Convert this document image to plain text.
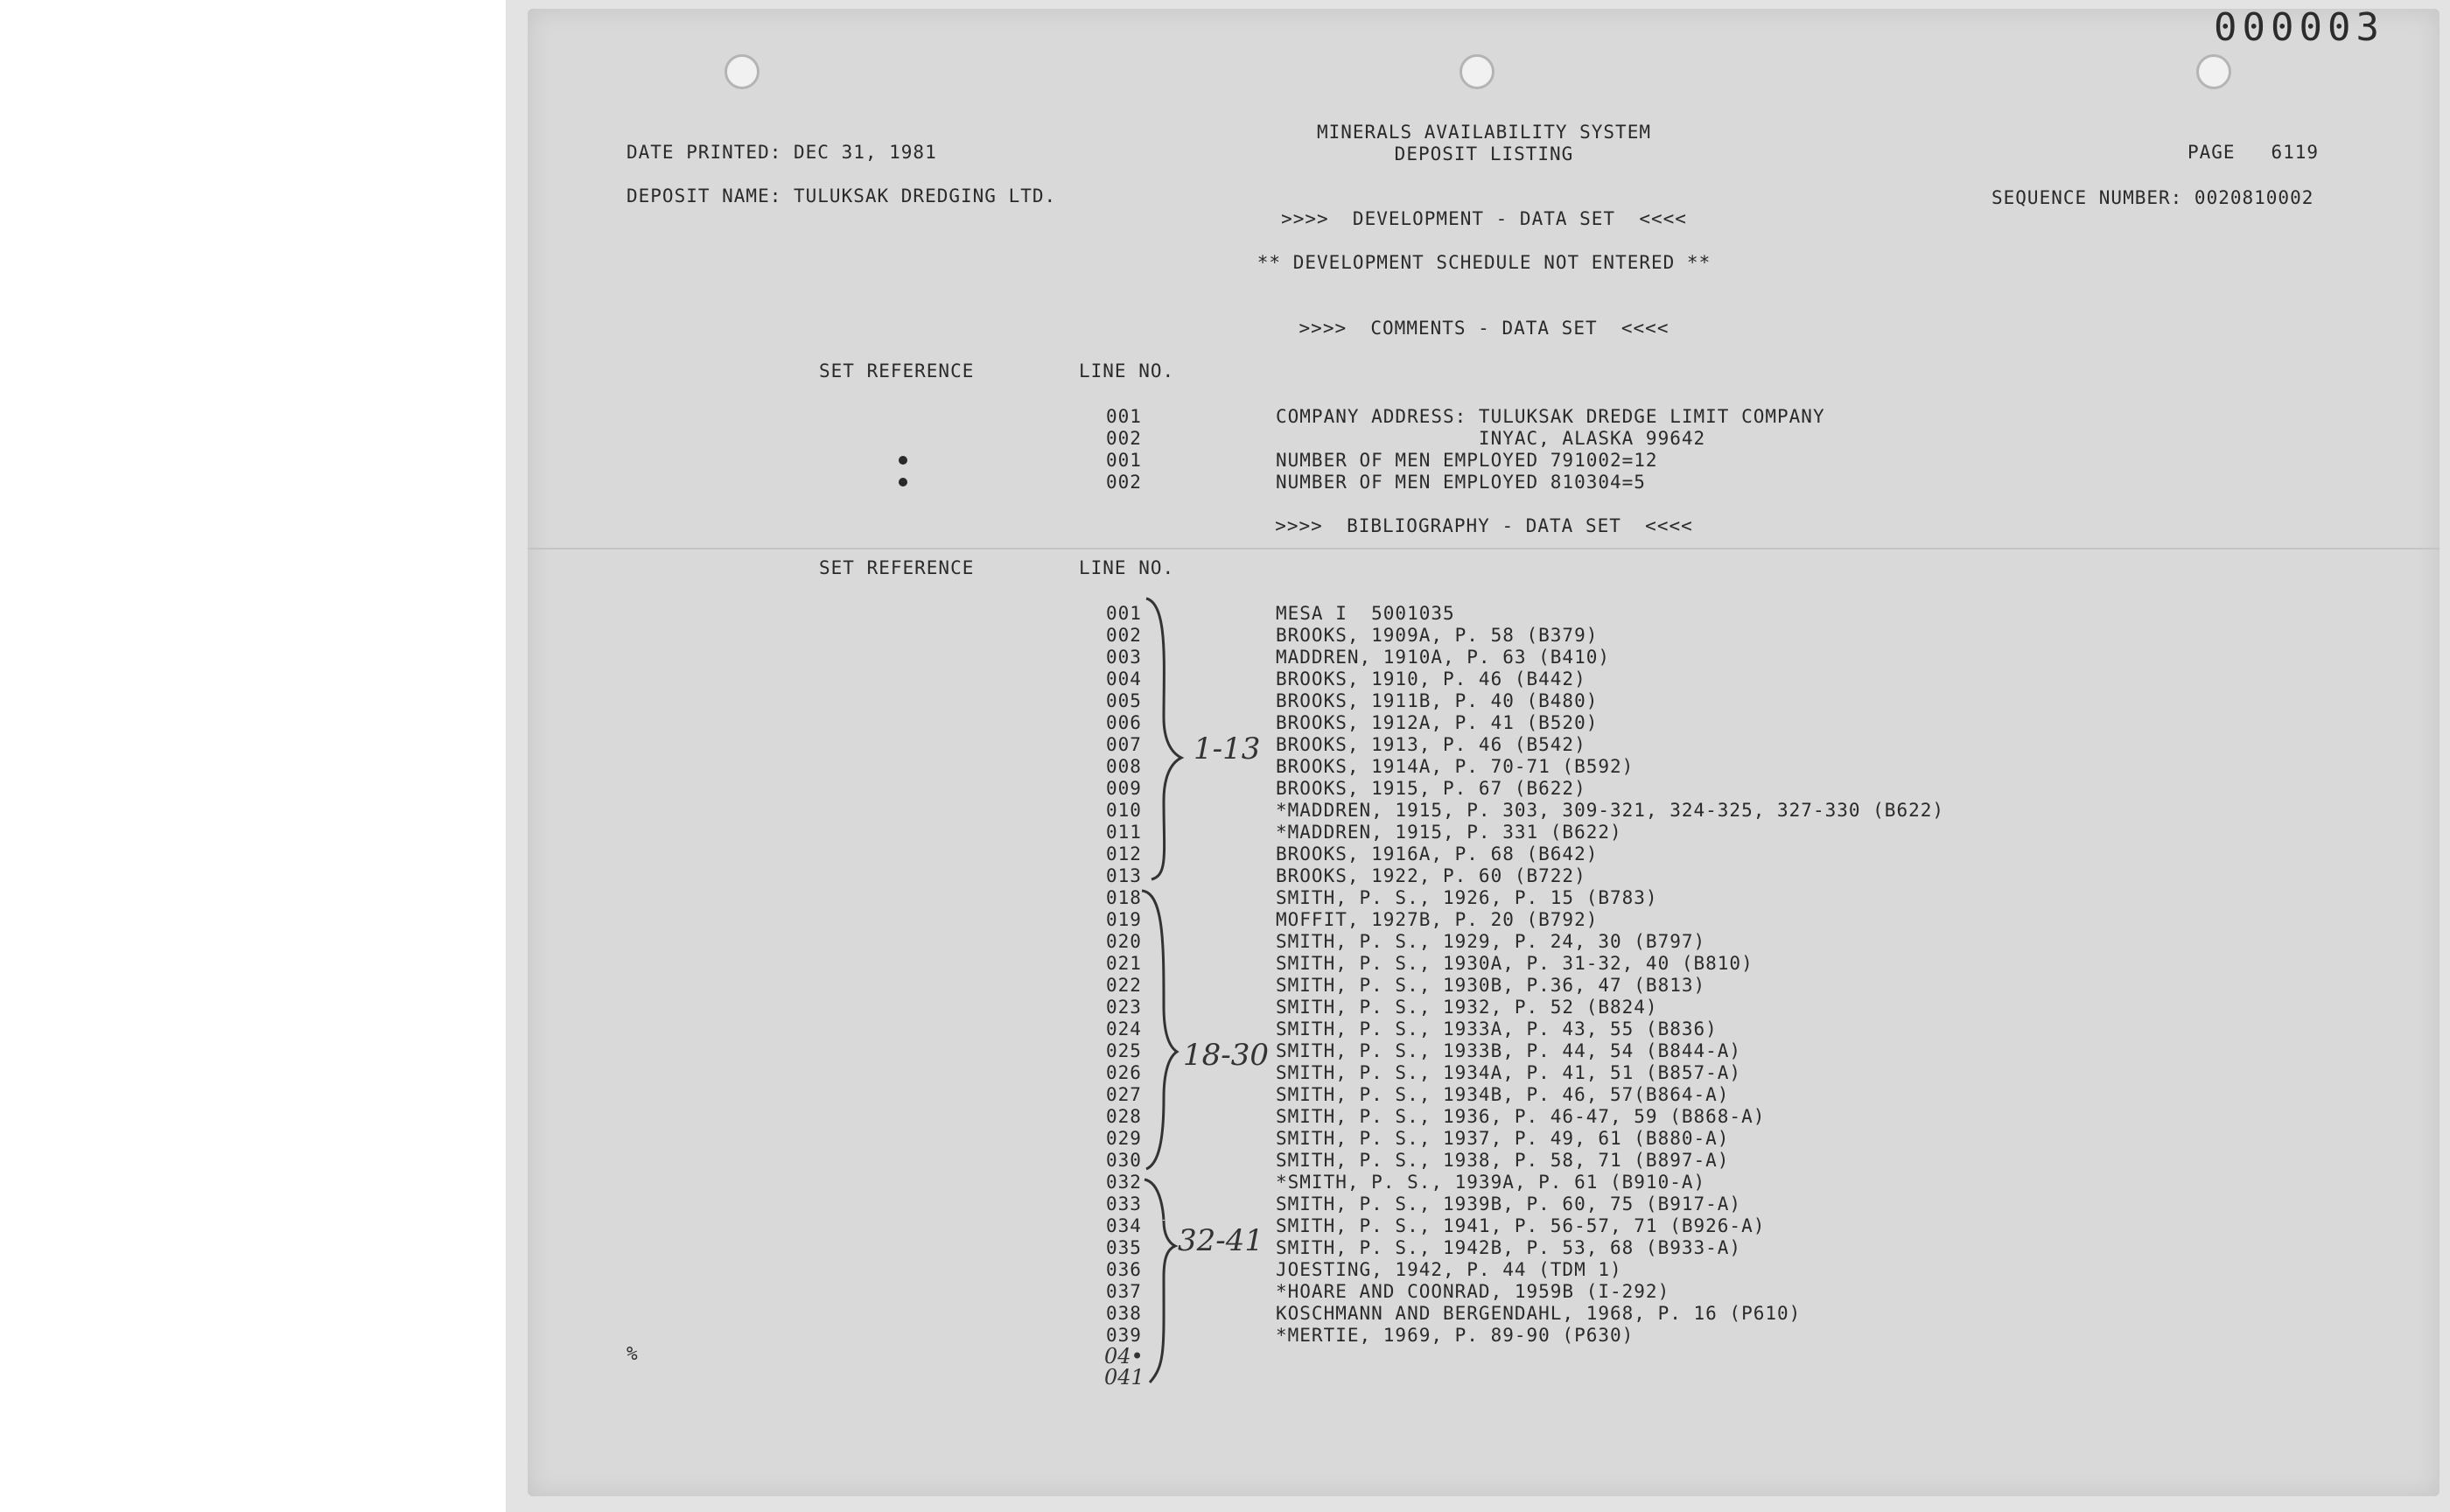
000003
MINERALS AVAILABILITY SYSTEM
DEPOSIT LISTING
DATE PRINTED: DEC 31, 1981	PAGE   6119
DEPOSIT NAME: TULUKSAK DREDGING LTD.	SEQUENCE NUMBER: 0020810002
>>>>  DEVELOPMENT - DATA SET  <<<<
** DEVELOPMENT SCHEDULE NOT ENTERED **
>>>>  COMMENTS - DATA SET  <<<<
SET REFERENCE	LINE NO.
001	COMPANY ADDRESS: TULUKSAK DREDGE LIMIT COMPANY
002	INYAC, ALASKA 99642
001	NUMBER OF MEN EMPLOYED 791002=12
002	NUMBER OF MEN EMPLOYED 810304=5
>>>>  BIBLIOGRAPHY - DATA SET  <<<<
SET REFERENCE	LINE NO.
001	MESA I  5001035
002	BROOKS, 1909A, P. 58 (B379)
003	MADDREN, 1910A, P. 63 (B410)
004	BROOKS, 1910, P. 46 (B442)
005	BROOKS, 1911B, P. 40 (B480)
006	BROOKS, 1912A, P. 41 (B520)
007	BROOKS, 1913, P. 46 (B542)
008	BROOKS, 1914A, P. 70-71 (B592)
009	BROOKS, 1915, P. 67 (B622)
010	*MADDREN, 1915, P. 303, 309-321, 324-325, 327-330 (B622)
011	*MADDREN, 1915, P. 331 (B622)
012	BROOKS, 1916A, P. 68 (B642)
013	BROOKS, 1922, P. 60 (B722)
018	SMITH, P. S., 1926, P. 15 (B783)
019	MOFFIT, 1927B, P. 20 (B792)
020	SMITH, P. S., 1929, P. 24, 30 (B797)
021	SMITH, P. S., 1930A, P. 31-32, 40 (B810)
022	SMITH, P. S., 1930B, P.36, 47 (B813)
023	SMITH, P. S., 1932, P. 52 (B824)
024	SMITH, P. S., 1933A, P. 43, 55 (B836)
025	SMITH, P. S., 1933B, P. 44, 54 (B844-A)
026	SMITH, P. S., 1934A, P. 41, 51 (B857-A)
027	SMITH, P. S., 1934B, P. 46, 57(B864-A)
028	SMITH, P. S., 1936, P. 46-47, 59 (B868-A)
029	SMITH, P. S., 1937, P. 49, 61 (B880-A)
030	SMITH, P. S., 1938, P. 58, 71 (B897-A)
032	*SMITH, P. S., 1939A, P. 61 (B910-A)
033	SMITH, P. S., 1939B, P. 60, 75 (B917-A)
034	SMITH, P. S., 1941, P. 56-57, 71 (B926-A)
035	SMITH, P. S., 1942B, P. 53, 68 (B933-A)
036	JOESTING, 1942, P. 44 (TDM 1)
037	*HOARE AND COONRAD, 1959B (I-292)
038	KOSCHMANN AND BERGENDAHL, 1968, P. 16 (P610)
039	*MERTIE, 1969, P. 89-90 (P630)
1-13
18-30
32-41
04•
041
%
